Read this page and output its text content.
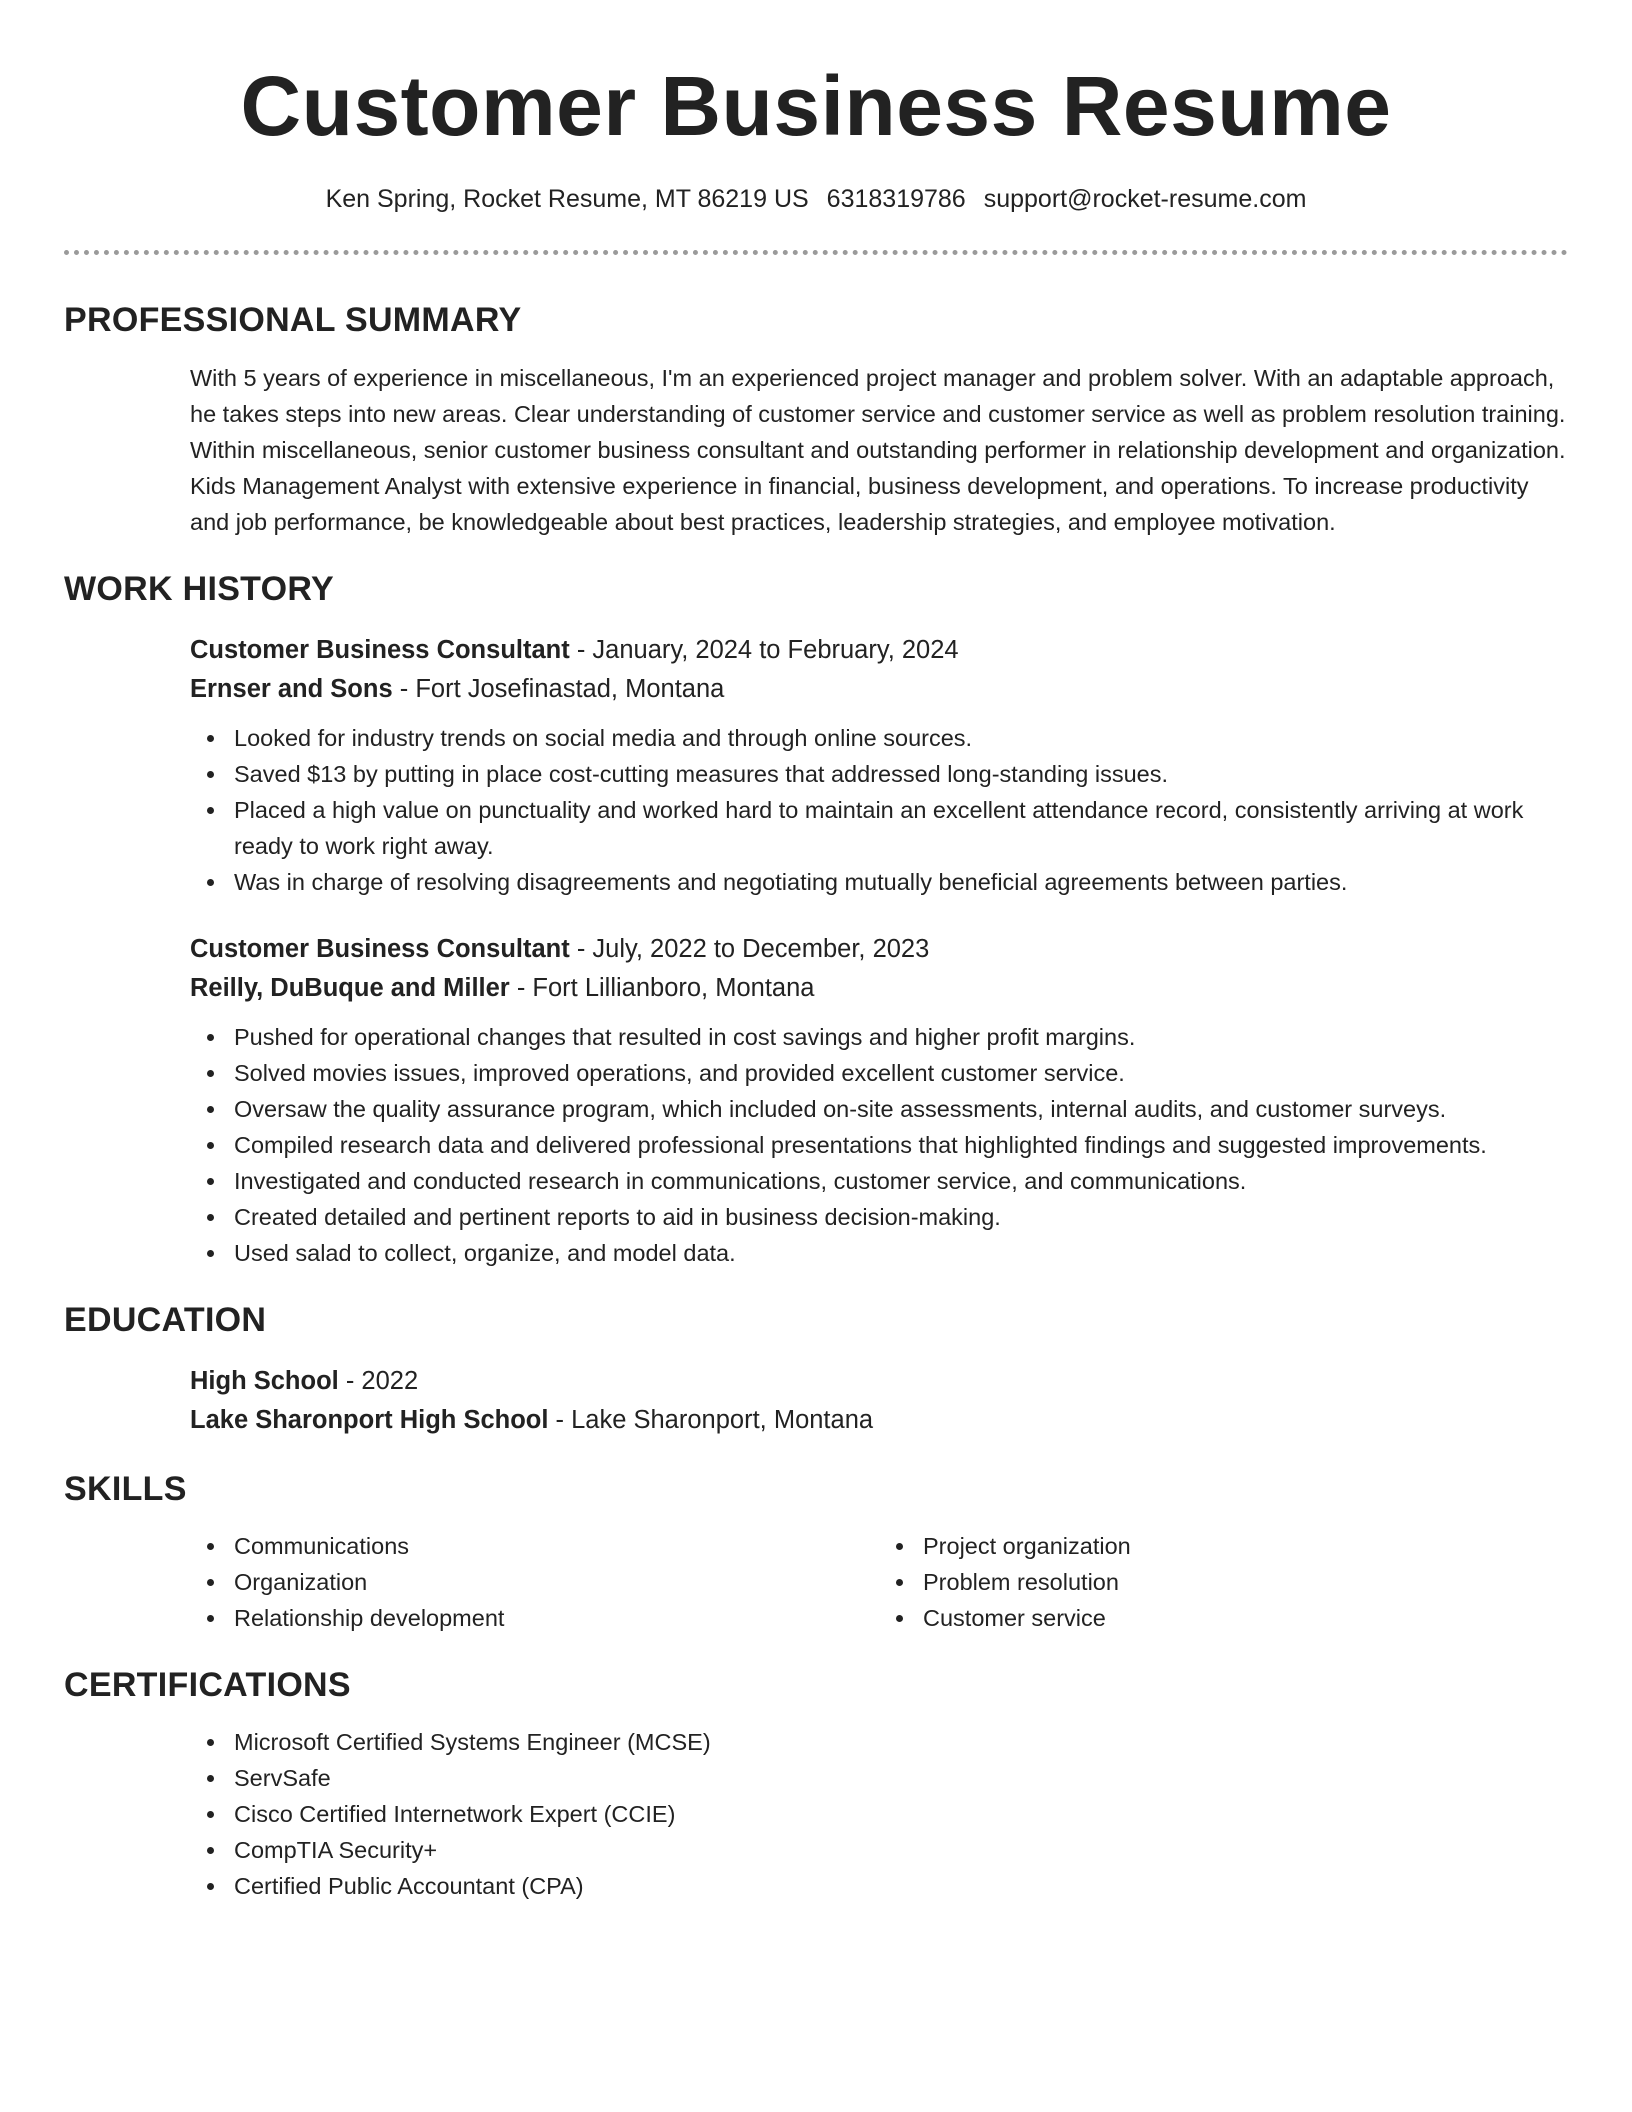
Customer Business Resume
Ken Spring, Rocket Resume, MT 86219 US 6318319786 support@rocket-resume.com
PROFESSIONAL SUMMARY

With 5 years of experience in miscellaneous, I'm an experienced project manager and problem solver. With an adaptable approach, he takes steps into new areas. Clear understanding of customer service and customer service as well as problem resolution training. Within miscellaneous, senior customer business consultant and outstanding performer in relationship development and organization. Kids Management Analyst with extensive experience in financial, business development, and operations. To increase productivity and job performance, be knowledgeable about best practices, leadership strategies, and employee motivation.

WORK HISTORY

Customer Business Consultant - January, 2024 to February, 2024

Ernser and Sons - Fort Josefinastad, Montana

Looked for industry trends on social media and through online sources.
Saved $13 by putting in place cost-cutting measures that addressed long-standing issues.
Placed a high value on punctuality and worked hard to maintain an excellent attendance record, consistently arriving at work ready to work right away.
Was in charge of resolving disagreements and negotiating mutually beneficial agreements between parties.

Customer Business Consultant - July, 2022 to December, 2023

Reilly, DuBuque and Miller - Fort Lillianboro, Montana

Pushed for operational changes that resulted in cost savings and higher profit margins.
Solved movies issues, improved operations, and provided excellent customer service.
Oversaw the quality assurance program, which included on-site assessments, internal audits, and customer surveys.
Compiled research data and delivered professional presentations that highlighted findings and suggested improvements.
Investigated and conducted research in communications, customer service, and communications.
Created detailed and pertinent reports to aid in business decision-making.
Used salad to collect, organize, and model data.
EDUCATION

High School - 2022

Lake Sharonport High School - Lake Sharonport, Montana

SKILLS
Communications
Organization
Relationship development
Project organization
Problem resolution
Customer service
CERTIFICATIONS
Microsoft Certified Systems Engineer (MCSE)
ServSafe
Cisco Certified Internetwork Expert (CCIE)
CompTIA Security+
Certified Public Accountant (CPA)
